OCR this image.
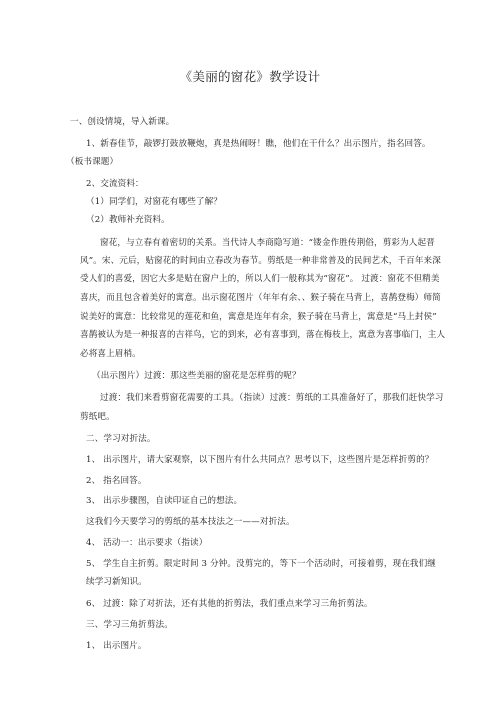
《美丽的窗花》教学设计
一、创设情境，导入新课。
1、新春佳节，敲锣打鼓放鞭炮，真是热闹呀！瞧，他们在干什么？出示图片，指名回答。
（板书课题）
2、交流资料：
（1）同学们，对窗花有哪些了解？
（2）教师补充资料。
窗花，与立春有着密切的关系。当代诗人李商隐写道：“镂金作胜传荆俗，剪彩为人起晋
风”。宋、元后，贴窗花的时间由立春改为春节。剪纸是一种非常普及的民间艺术，千百年来深
受人们的喜爱，因它大多是贴在窗户上的，所以人们一般称其为“窗花”。 过渡：窗花不但精美
喜庆，而且包含着美好的寓意。出示窗花图片（年年有余、、猴子骑在马背上，喜鹊登梅）师简
说美好的寓意：比较常见的莲花和鱼，寓意是连年有余，猴子骑在马背上，寓意是“马上封侯”
喜鹊被认为是一种报喜的吉祥鸟，它的到来，必有喜事到，落在梅枝上，寓意为喜事临门，主人
必将喜上眉梢。
（出示图片）过渡：那这些美丽的窗花是怎样剪的呢？
过渡：我们来看剪窗花需要的工具。（指读）过渡：剪纸的工具准备好了，那我们赶快学习
剪纸吧。
二、学习对折法。
1、 出示图片，请大家观察，以下图片有什么共同点？思考以下，这些图片是怎样折剪的？
2、 指名回答。
3、 出示步骤图，自读印证自己的想法。
这我们今天要学习的剪纸的基本技法之一——对折法。
4、 活动一：出示要求（指读）
5、 学生自主折剪。限定时间 3 分钟。没剪完的，等下一个活动时，可接着剪，现在我们继
续学习新知识。
6、 过渡：除了对折法，还有其他的折剪法，我们重点来学习三角折剪法。
三、学习三角折剪法。
1、 出示图片。
